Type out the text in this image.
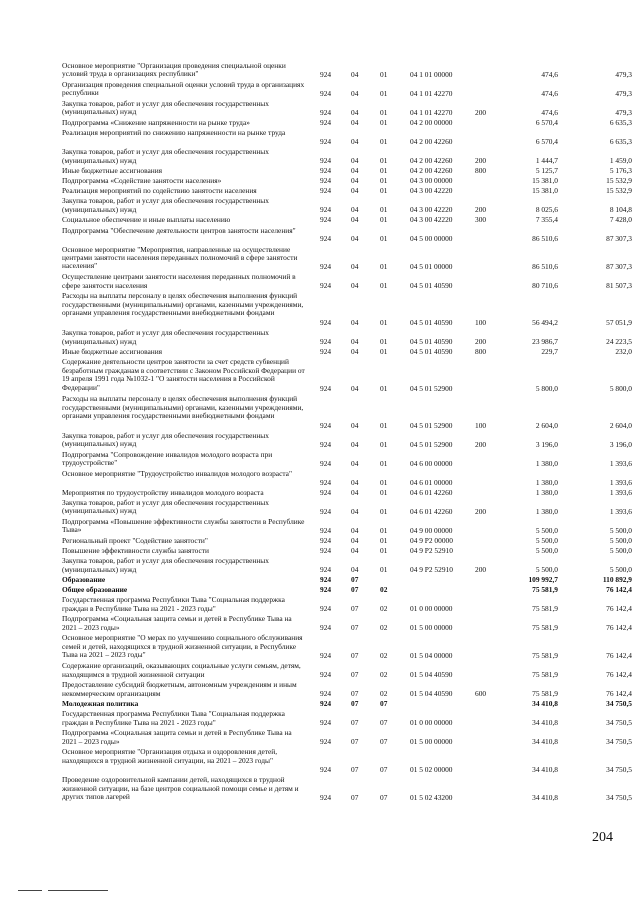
Основное мероприятие "Организация проведения специальной оценки условий труда в организациях республики"	924	04	01	04 1 01 00000	474,6	479,3
Организация проведения специальной оценки условий труда в организациях республики	924	04	01	04 1 01 42270	474,6	479,3
Закупка товаров, работ и услуг для обеспечения государственных (муниципальных) нужд	924	04	01	04 1 01 42270	200	474,6	479,3
Подпрограмма «Снижение напряженности на рынке труда»	924	04	01	04 2 00 00000	6 570,4	6 635,3
Реализация мероприятий по снижению напряженности на рынке труда
924	04	01	04 2 00 42260	6 570,4	6 635,3
Закупка товаров, работ и услуг для обеспечения государственных (муниципальных) нужд	924	04	01	04 2 00 42260	200	1 444,7	1 459,0
Иные бюджетные ассигнования	924	04	01	04 2 00 42260	800	5 125,7	5 176,3
Подпрограмма «Содействие занятости населения»	924	04	01	04 3 00 00000	15 381,0	15 532,9
Реализация мероприятий по содействию занятости населения	924	04	01	04 3 00 42220	15 381,0	15 532,9
Закупка товаров, работ и услуг для обеспечения государственных (муниципальных) нужд	924	04	01	04 3 00 42220	200	8 025,6	8 104,8
Социальное обеспечение и иные выплаты населению	924	04	01	04 3 00 42220	300	7 355,4	7 428,0
Подпрограмма "Обеспечение деятельности центров занятости населения"
924	04	01	04 5 00 00000	86 510,6	87 307,3
Основное мероприятие "Мероприятия, направленные на осуществление центрами занятости населения переданных полномочий в сфере занятости населения"	924	04	01	04 5 01 00000	86 510,6	87 307,3
Осуществление центрами занятости населения переданных полномочий в сфере занятости населения	924	04	01	04 5 01 40590	80 710,6	81 507,3
Расходы на выплаты персоналу в целях обеспечения выполнения функций государственными (муниципальными) органами, казенными учреждениями, органами управления государственными внебюджетными фондами
924	04	01	04 5 01 40590	100	56 494,2	57 051,9
Закупка товаров, работ и услуг для обеспечения государственных (муниципальных) нужд	924	04	01	04 5 01 40590	200	23 986,7	24 223,5
Иные бюджетные ассигнования	924	04	01	04 5 01 40590	800	229,7	232,0
Содержание деятельности центров занятости за счет средств субвенций безработным гражданам в соответствии с Законом Российской Федерации от 19 апреля 1991 года №1032-1 "О занятости населения в Российской Федерации"	924	04	01	04 5 01 52900	5 800,0	5 800,0
Расходы на выплаты персоналу в целях обеспечения выполнения функций государственными (муниципальными) органами, казенными учреждениями, органами управления государственными внебюджетными фондами
924	04	01	04 5 01 52900	100	2 604,0	2 604,0
Закупка товаров, работ и услуг для обеспечения государственных (муниципальных) нужд	924	04	01	04 5 01 52900	200	3 196,0	3 196,0
Подпрограмма "Сопровождение инвалидов молодого возраста при трудоустройстве"	924	04	01	04 6 00 00000	1 380,0	1 393,6
Основное мероприятие "Трудоустройство инвалидов молодого возраста"
924	04	01	04 6 01 00000	1 380,0	1 393,6
Мероприятия по трудоустройству инвалидов молодого возраста	924	04	01	04 6 01 42260	1 380,0	1 393,6
Закупка товаров, работ и услуг для обеспечения государственных (муниципальных) нужд	924	04	01	04 6 01 42260	200	1 380,0	1 393,6
Подпрограмма «Повышение эффективности службы занятости в Республике Тыва»	924	04	01	04 9 00 00000	5 500,0	5 500,0
Региональный проект "Содействие занятости"	924	04	01	04 9 P2 00000	5 500,0	5 500,0
Повышение эффективности службы занятости	924	04	01	04 9 P2 52910	5 500,0	5 500,0
Закупка товаров, работ и услуг для обеспечения государственных (муниципальных) нужд	924	04	01	04 9 P2 52910	200	5 500,0	5 500,0
Образование	924	07	109 992,7	110 892,9
Общее образование	924	07	02	75 581,9	76 142,4
Государственная программа Республики Тыва "Социальная поддержка граждан в Республике Тыва на 2021 - 2023 годы"	924	07	02	01 0 00 00000	75 581,9	76 142,4
Подпрограмма «Социальная защита семьи и детей в Республике Тыва на 2021 – 2023 годы»	924	07	02	01 5 00 00000	75 581,9	76 142,4
Основное мероприятие "О мерах по улучшению социального обслуживания семей и детей, находящихся в трудной жизненной ситуации, в Республике Тыва на 2021 – 2023 годы"	924	07	02	01 5 04 00000	75 581,9	76 142,4
Содержание организаций, оказывающих социальные услуги семьям, детям, находящимся в трудной жизненной ситуации	924	07	02	01 5 04 40590	75 581,9	76 142,4
Предоставление субсидий бюджетным, автономным учреждениям и иным некоммерческим организациям	924	07	02	01 5 04 40590	600	75 581,9	76 142,4
Молодежная политика	924	07	07	34 410,8	34 750,5
Государственная программа Республики Тыва "Социальная поддержка граждан в Республике Тыва на 2021 - 2023 годы"	924	07	07	01 0 00 00000	34 410,8	34 750,5
Подпрограмма «Социальная защита семьи и детей в Республике Тыва на 2021 – 2023 годы»	924	07	07	01 5 00 00000	34 410,8	34 750,5
Основное мероприятие "Организация отдыха и оздоровления детей, находящихся в трудной жизненной ситуации, на 2021 – 2023 годы"
924	07	07	01 5 02 00000	34 410,8	34 750,5
Проведение оздоровительной кампании детей, находящихся в трудной жизненной ситуации, на базе центров социальной помощи семье и детям и других типов лагерей	924	07	07	01 5 02 43200	34 410,8	34 750,5
204
